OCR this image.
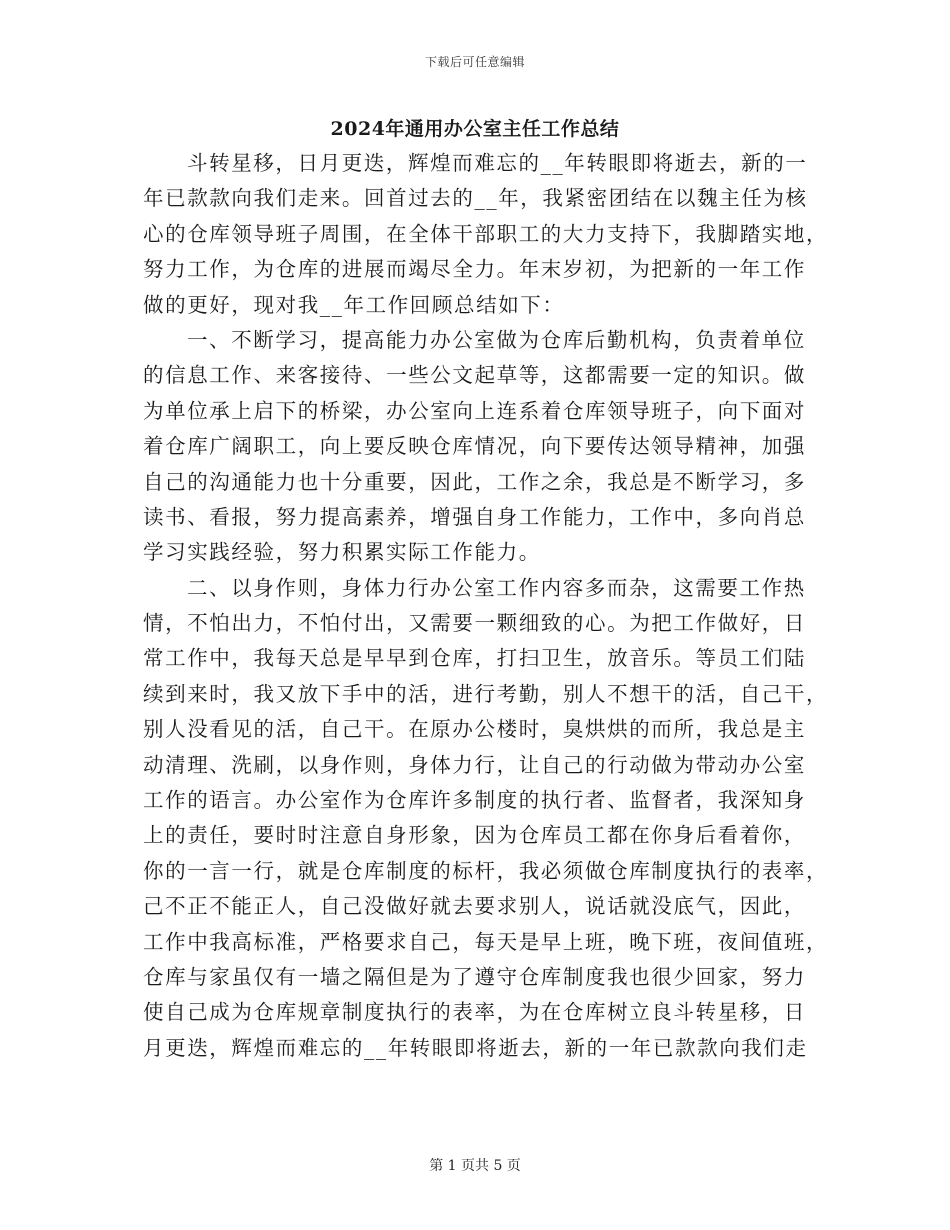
下载后可任意编辑
2024年通用办公室主任工作总结
斗转星移，日月更迭，辉煌而难忘的__年转眼即将逝去，新的一
年已款款向我们走来。回首过去的__年，我紧密团结在以魏主任为核
心的仓库领导班子周围，在全体干部职工的大力支持下，我脚踏实地，
努力工作，为仓库的进展而竭尽全力。年末岁初，为把新的一年工作
做的更好，现对我__年工作回顾总结如下：
一、不断学习，提高能力办公室做为仓库后勤机构，负责着单位
的信息工作、来客接待、一些公文起草等，这都需要一定的知识。做
为单位承上启下的桥梁，办公室向上连系着仓库领导班子，向下面对
着仓库广阔职工，向上要反映仓库情况，向下要传达领导精神，加强
自己的沟通能力也十分重要，因此，工作之余，我总是不断学习，多
读书、看报，努力提高素养，增强自身工作能力，工作中，多向肖总
学习实践经验，努力积累实际工作能力。
二、以身作则，身体力行办公室工作内容多而杂，这需要工作热
情，不怕出力，不怕付出，又需要一颗细致的心。为把工作做好，日
常工作中，我每天总是早早到仓库，打扫卫生，放音乐。等员工们陆
续到来时，我又放下手中的活，进行考勤，别人不想干的活，自己干，
别人没看见的活，自己干。在原办公楼时，臭烘烘的而所，我总是主
动清理、洗刷，以身作则，身体力行，让自己的行动做为带动办公室
工作的语言。办公室作为仓库许多制度的执行者、监督者，我深知身
上的责任，要时时注意自身形象，因为仓库员工都在你身后看着你，
你的一言一行，就是仓库制度的标杆，我必须做仓库制度执行的表率，
己不正不能正人，自己没做好就去要求别人，说话就没底气，因此，
工作中我高标准，严格要求自己，每天是早上班，晚下班，夜间值班，
仓库与家虽仅有一墙之隔但是为了遵守仓库制度我也很少回家，努力
使自己成为仓库规章制度执行的表率，为在仓库树立良斗转星移，日
月更迭，辉煌而难忘的__年转眼即将逝去，新的一年已款款向我们走
第 1 页共 5 页
